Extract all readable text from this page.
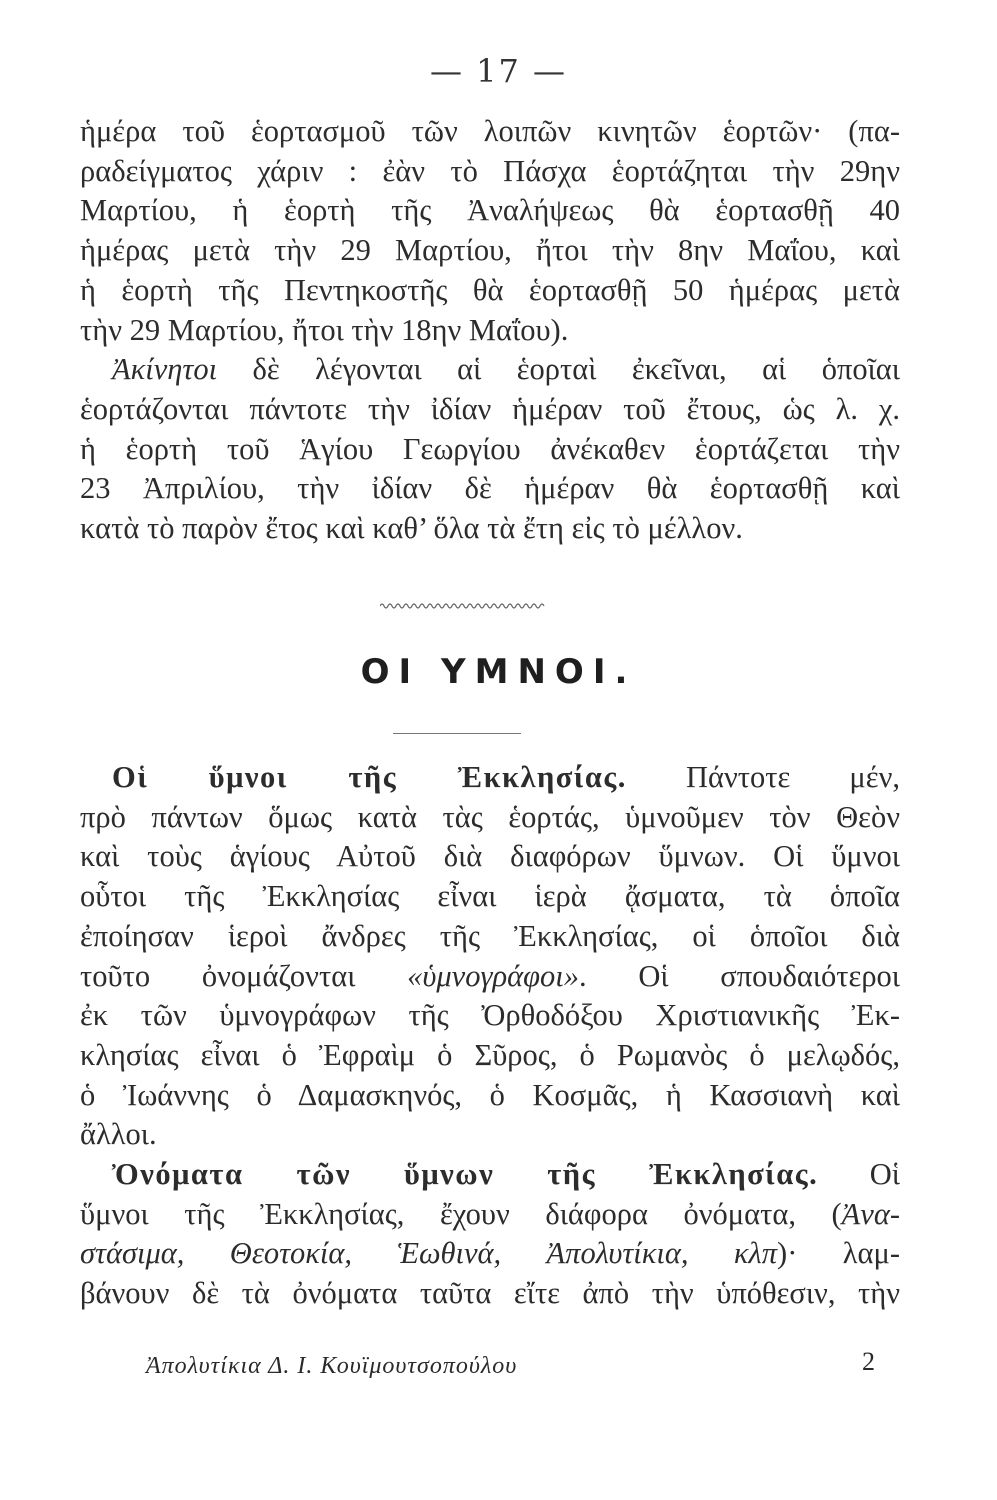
— 17 —
ἡμέρα τοῦ ἑορτασμοῦ τῶν λοιπῶν κινητῶν ἑορτῶν· (πα-
ραδείγματος χάριν : ἐὰν τὸ Πάσχα ἑορτάζηται τὴν 29ην
Μαρτίου, ἡ ἑορτὴ τῆς Ἀναλήψεως θὰ ἑορτασθῇ 40
ἡμέρας μετὰ τὴν 29 Μαρτίου, ἤτοι τὴν 8ην Μαΐου, καὶ
ἡ ἑορτὴ τῆς Πεντηκοστῆς θὰ ἑορτασθῇ 50 ἡμέρας μετὰ
τὴν 29 Μαρτίου, ἤτοι τὴν 18ην Μαΐου).
Ἀκίνητοι δὲ λέγονται αἱ ἑορταὶ ἐκεῖναι, αἱ ὁποῖαι
ἑορτάζονται πάντοτε τὴν ἰδίαν ἡμέραν τοῦ ἔτους, ὡς λ. χ.
ἡ ἑορτὴ τοῦ Ἁγίου Γεωργίου ἀνέκαθεν ἑορτάζεται τὴν
23 Ἀπριλίου, τὴν ἰδίαν δὲ ἡμέραν θὰ ἑορτασθῇ καὶ
κατὰ τὸ παρὸν ἔτος καὶ καθ’ ὅλα τὰ ἔτη εἰς τὸ μέλλον.
ΟΙ ΥΜΝΟΙ.
Οἱ ὕμνοι τῆς Ἐκκλησίας. Πάντοτε μέν,
πρὸ πάντων ὅμως κατὰ τὰς ἑορτάς, ὑμνοῦμεν τὸν Θεὸν
καὶ τοὺς ἁγίους Αὐτοῦ διὰ διαφόρων ὕμνων. Οἱ ὕμνοι
οὗτοι τῆς Ἐκκλησίας εἶναι ἱερὰ ᾄσματα, τὰ ὁποῖα
ἐποίησαν ἱεροὶ ἄνδρες τῆς Ἐκκλησίας, οἱ ὁποῖοι διὰ
τοῦτο ὀνομάζονται «ὑμνογράφοι». Οἱ σπουδαιότεροι
ἐκ τῶν ὑμνογράφων τῆς Ὀρθοδόξου Χριστιανικῆς Ἐκ-
κλησίας εἶναι ὁ Ἐφραὶμ ὁ Σῦρος, ὁ Ρωμανὸς ὁ μελῳδός,
ὁ Ἰωάννης ὁ Δαμασκηνός, ὁ Κοσμᾶς, ἡ Κασσιανὴ καὶ
ἄλλοι.
Ὀνόματα τῶν ὕμνων τῆς Ἐκκλησίας. Οἱ
ὕμνοι τῆς Ἐκκλησίας, ἔχουν διάφορα ὀνόματα, (Ἀνα-
στάσιμα, Θεοτοκία, Ἑωθινά, Ἀπολυτίκια, κλπ)· λαμ-
βάνουν δὲ τὰ ὀνόματα ταῦτα εἴτε ἀπὸ τὴν ὑπόθεσιν, τὴν
Ἀπολυτίκια Δ. Ι. Κουϊμουτσοπούλου	2
